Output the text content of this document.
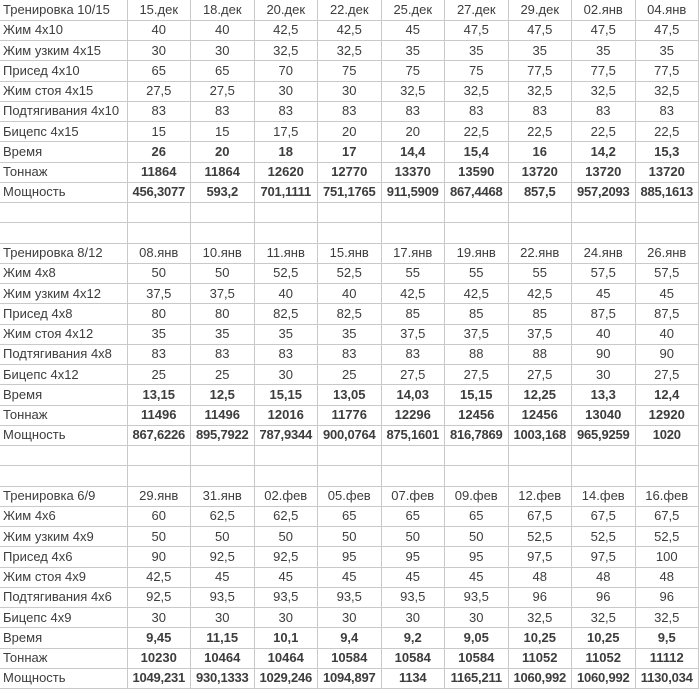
Тренировка 10/15	15.дек	18.дек	20.дек	22.дек	25.дек	27.дек	29.дек	02.янв	04.янв
Жим 4x10	40	40	42,5	42,5	45	47,5	47,5	47,5	47,5
Жим узким 4x15	30	30	32,5	32,5	35	35	35	35	35
Присед 4x10	65	65	70	75	75	75	77,5	77,5	77,5
Жим стоя 4x15	27,5	27,5	30	30	32,5	32,5	32,5	32,5	32,5
Подтягивания 4x10	83	83	83	83	83	83	83	83	83
Бицепс 4x15	15	15	17,5	20	20	22,5	22,5	22,5	22,5
Время	26	20	18	17	14,4	15,4	16	14,2	15,3
Тоннаж	11864	11864	12620	12770	13370	13590	13720	13720	13720
Мощность	456,3077	593,2	701,1111	751,1765	911,5909	867,4468	857,5	957,2093	885,1613

Тренировка 8/12	08.янв	10.янв	11.янв	15.янв	17.янв	19.янв	22.янв	24.янв	26.янв
Жим 4x8	50	50	52,5	52,5	55	55	55	57,5	57,5
Жим узким 4x12	37,5	37,5	40	40	42,5	42,5	42,5	45	45
Присед 4x8	80	80	82,5	82,5	85	85	85	87,5	87,5
Жим стоя 4x12	35	35	35	35	37,5	37,5	37,5	40	40
Подтягивания 4x8	83	83	83	83	83	88	88	90	90
Бицепс 4x12	25	25	30	25	27,5	27,5	27,5	30	27,5
Время	13,15	12,5	15,15	13,05	14,03	15,15	12,25	13,3	12,4
Тоннаж	11496	11496	12016	11776	12296	12456	12456	13040	12920
Мощность	867,6226	895,7922	787,9344	900,0764	875,1601	816,7869	1003,168	965,9259	1020

Тренировка 6/9	29.янв	31.янв	02.фев	05.фев	07.фев	09.фев	12.фев	14.фев	16.фев
Жим 4x6	60	62,5	62,5	65	65	65	67,5	67,5	67,5
Жим узким 4x9	50	50	50	50	50	50	52,5	52,5	52,5
Присед 4x6	90	92,5	92,5	95	95	95	97,5	97,5	100
Жим стоя 4x9	42,5	45	45	45	45	45	48	48	48
Подтягивания 4x6	92,5	93,5	93,5	93,5	93,5	93,5	96	96	96
Бицепс 4x9	30	30	30	30	30	30	32,5	32,5	32,5
Время	9,45	11,15	10,1	9,4	9,2	9,05	10,25	10,25	9,5
Тоннаж	10230	10464	10464	10584	10584	10584	11052	11052	11112
Мощность	1049,231	930,1333	1029,246	1094,897	1134	1165,211	1060,992	1060,992	1130,034
